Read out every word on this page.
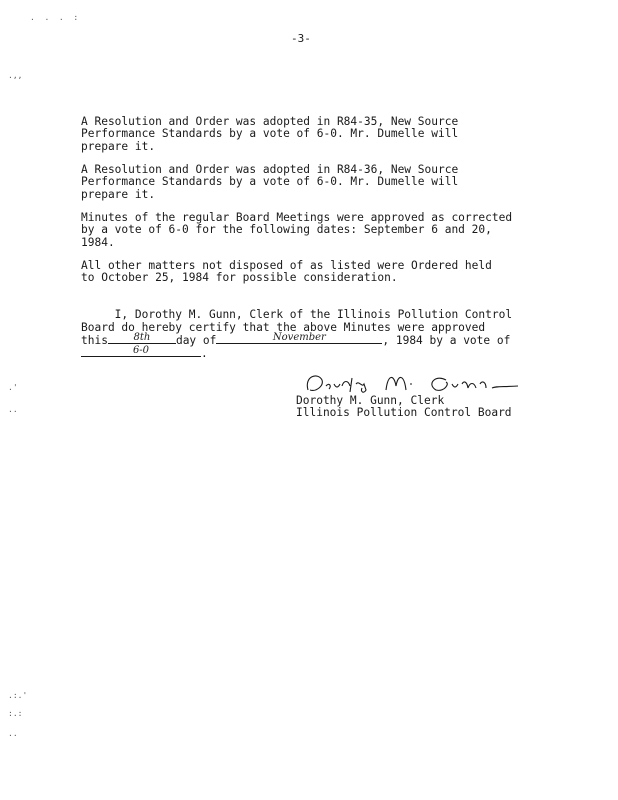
.  .  .  :
.,,
.'
..
.:.'
:.:
..
-3-
A Resolution and Order was adopted in R84-35, New Source
Performance Standards by a vote of 6-0. Mr. Dumelle will
prepare it.
A Resolution and Order was adopted in R84-36, New Source
Performance Standards by a vote of 6-0. Mr. Dumelle will
prepare it.
Minutes of the regular Board Meetings were approved as corrected
by a vote of 6-0 for the following dates: September 6 and 20,
1984.
All other matters not disposed of as listed were Ordered held
to October 25, 1984 for possible consideration.
I, Dorothy M. Gunn, Clerk of the Illinois Pollution Control
Board do hereby certify that the above Minutes were approved
this	8th	day of	November	, 1984 by a vote of
6-0	.
Dorothy M. Gunn, Clerk
Illinois Pollution Control Board
